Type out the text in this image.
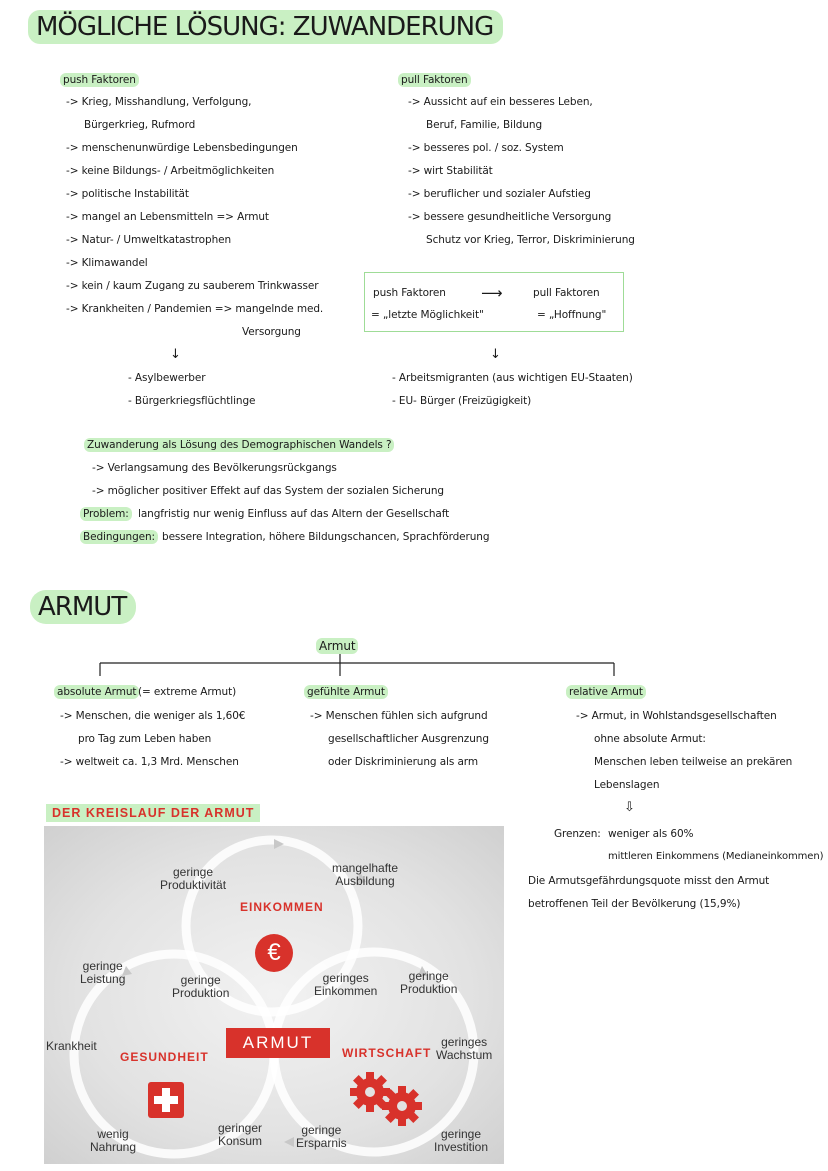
MÖGLICHE LÖSUNG: ZUWANDERUNG
push Faktoren
-> Krieg, Misshandlung, Verfolgung,
Bürgerkrieg, Rufmord
-> menschenunwürdige Lebensbedingungen
-> keine Bildungs- / Arbeitmöglichkeiten
-> politische Instabilität
-> mangel an Lebensmitteln => Armut
-> Natur- / Umweltkatastrophen
-> Klimawandel
-> kein / kaum Zugang zu sauberem Trinkwasser
-> Krankheiten / Pandemien => mangelnde med.
Versorgung
↓
- Asylbewerber
- Bürgerkriegsflüchtlinge
pull Faktoren
-> Aussicht auf ein besseres Leben,
Beruf, Familie, Bildung
-> besseres pol. / soz. System
-> wirt Stabilität
-> beruflicher und sozialer Aufstieg
-> bessere gesundheitliche Versorgung
Schutz vor Krieg, Terror, Diskriminierung
push Faktoren ⟶	pull Faktoren
= „letzte Möglichkeit"	= „Hoffnung"
↓
- Arbeitsmigranten (aus wichtigen EU-Staaten)
- EU- Bürger (Freizügigkeit)
Zuwanderung als Lösung des Demographischen Wandels ?
-> Verlangsamung des Bevölkerungsrückgangs
-> möglicher positiver Effekt auf das System der sozialen Sicherung
Problem: langfristig nur wenig Einfluss auf das Altern der Gesellschaft
Bedingungen: bessere Integration, höhere Bildungschancen, Sprachförderung
ARMUT
Armut
absolute Armut (= extreme Armut)
-> Menschen, die weniger als 1,60€
pro Tag zum Leben haben
-> weltweit ca. 1,3 Mrd. Menschen
gefühlte Armut
-> Menschen fühlen sich aufgrund
gesellschaftlicher Ausgrenzung
oder Diskriminierung als arm
relative Armut
-> Armut, in Wohlstandsgesellschaften
ohne absolute Armut:
Menschen leben teilweise an prekären
Lebenslagen
⇩
Grenzen: weniger als 60%
mittleren Einkommens (Medianeinkommen)
Die Armutsgefährdungsquote misst den Armut
betroffenen Teil der Bevölkerung (15,9%)
DER KREISLAUF DER ARMUT
€
ARMUT
EINKOMMEN
GESUNDHEIT	WIRTSCHAFT
geringe
Produktivität
mangelhafte
Ausbildung
geringe
Leistung	geringe
Produktion
geringes
Einkommen
geringe
Produktion
Krankheit	geringes
Wachstum
wenig
Nahrung
geringer
Konsum
geringe
Ersparnis
geringe
Investition
